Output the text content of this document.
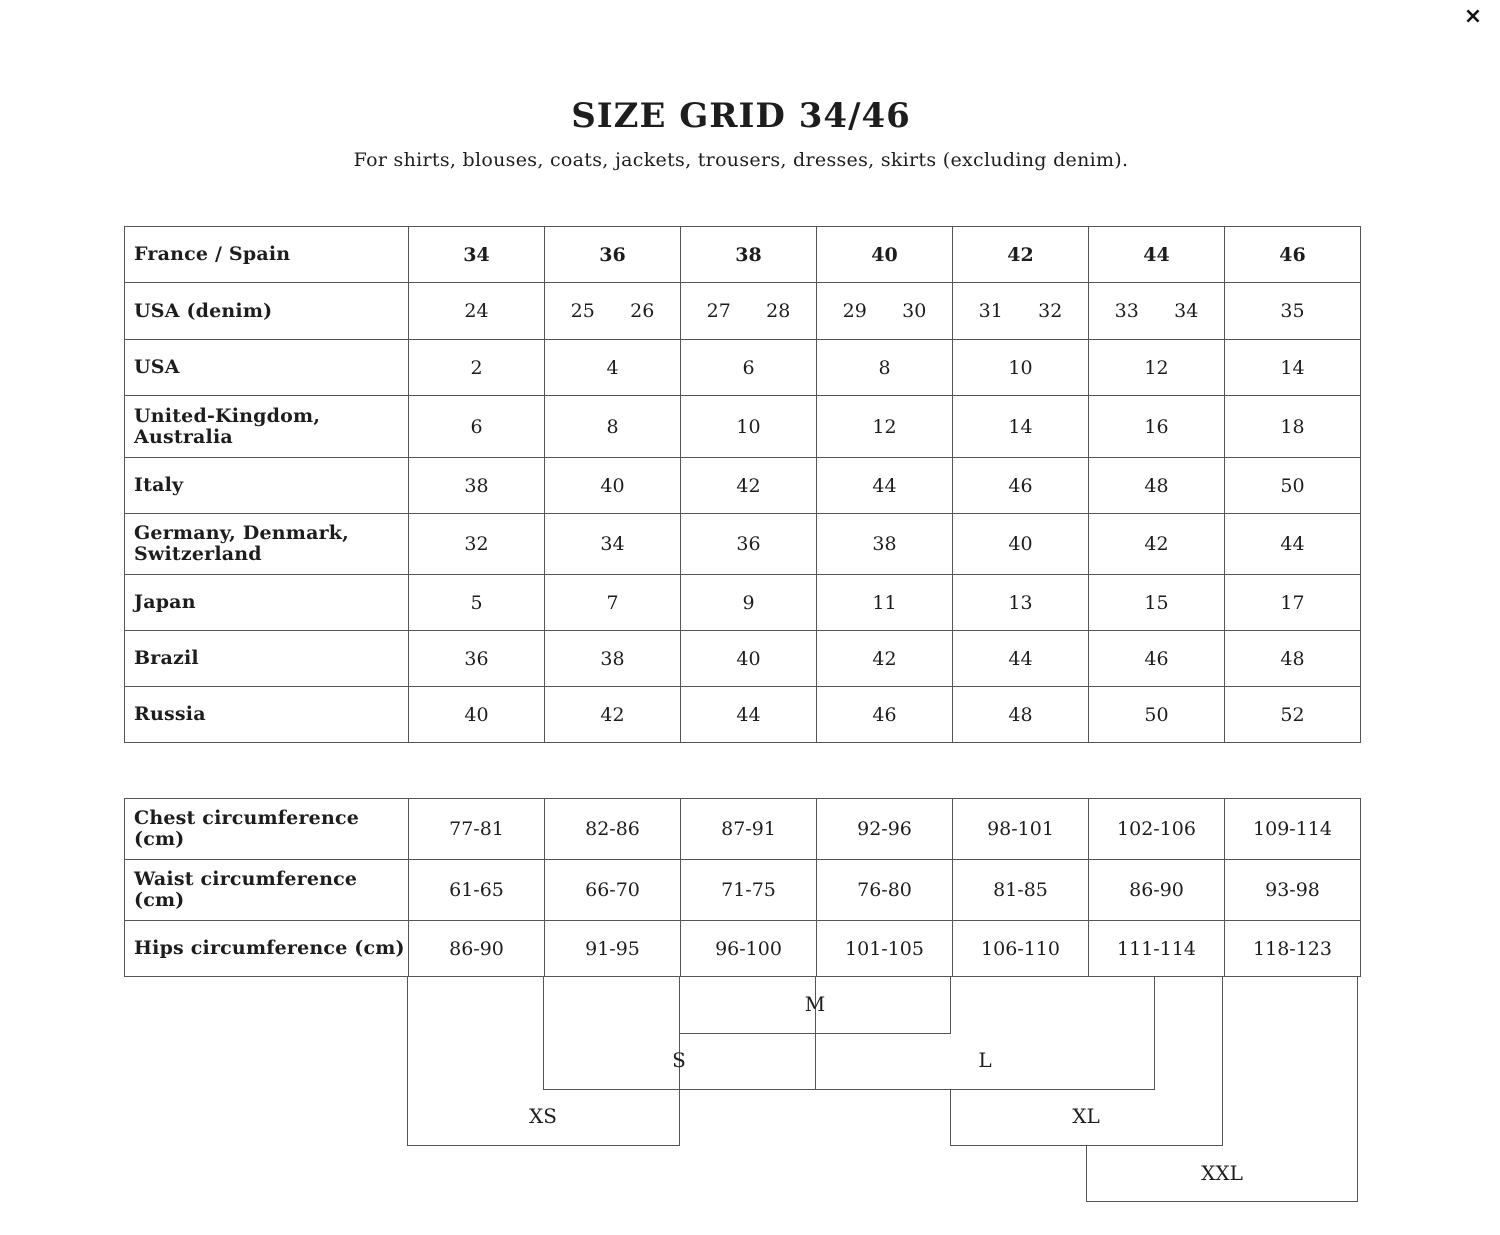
×
SIZE GRID 34/46

For shirts, blouses, coats, jackets, trousers, dresses, skirts (excluding denim).

France / Spain	34	36	38	40	42	44	46
USA (denim)	24	25 26	27 28	29 30	31 32	33 34	35
USA	2	4	6	8	10	12	14
United-Kingdom, Australia	6	8	10	12	14	16	18
Italy	38	40	42	44	46	48	50
Germany, Denmark, Switzerland	32	34	36	38	40	42	44
Japan	5	7	9	11	13	15	17
Brazil	36	38	40	42	44	46	48
Russia	40	42	44	46	48	50	52
Chest circumference (cm)	77-81	82-86	87-91	92-96	98-101	102-106	109-114
Waist circumference (cm)	61-65	66-70	71-75	76-80	81-85	86-90	93-98
Hips circumference (cm)	86-90	91-95	96-100	101-105	106-110	111-114	118-123
M
S	L
XS	XL
XXL
